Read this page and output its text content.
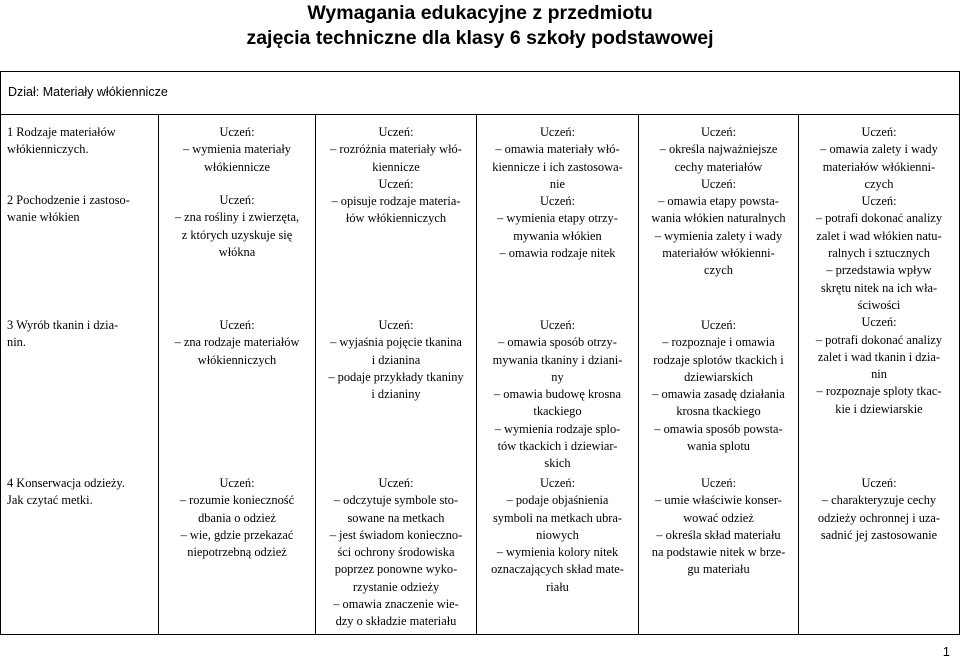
Wymagania edukacyjne z przedmiotu
zajęcia techniczne dla klasy 6 szkoły podstawowej
Dział: Materiały włókiennicze

1 Rodzaje materiałów

włókienniczych.

2 Pochodzenie i zastoso-

wanie włókien

3 Wyrób tkanin i dzia-

nin.

4 Konserwacja odzieży.

Jak czytać metki.

Uczeń:

– wymienia materiały

włókiennicze

Uczeń:

– zna rośliny i zwierzęta,

z których uzyskuje się

włókna

Uczeń:

– zna rodzaje materiałów

włókienniczych

Uczeń:

– rozumie konieczność

dbania o odzież

– wie, gdzie przekazać

niepotrzebną odzież

Uczeń:

– rozróżnia materiały włó-

kiennicze

Uczeń:

– opisuje rodzaje materia-

łów włókienniczych

Uczeń:

– wyjaśnia pojęcie tkanina

i dzianina

– podaje przykłady tkaniny

i dzianiny

Uczeń:

– odczytuje symbole sto-

sowane na metkach

– jest świadom konieczno-

ści ochrony środowiska

poprzez ponowne wyko-

rzystanie odzieży

– omawia znaczenie wie-

dzy o składzie materiału

Uczeń:

– omawia materiały włó-

kiennicze i ich zastosowa-

nie

Uczeń:

– wymienia etapy otrzy-

mywania włókien

– omawia rodzaje nitek

Uczeń:

– omawia sposób otrzy-

mywania tkaniny i dziani-

ny

– omawia budowę krosna

tkackiego

– wymienia rodzaje splo-

tów tkackich i dziewiar-

skich

Uczeń:

– podaje objaśnienia

symboli na metkach ubra-

niowych

– wymienia kolory nitek

oznaczających skład mate-

riału

Uczeń:

– określa najważniejsze

cechy materiałów

Uczeń:

– omawia etapy powsta-

wania włókien naturalnych

– wymienia zalety i wady

materiałów włókienni-

czych

Uczeń:

– rozpoznaje i omawia

rodzaje splotów tkackich i

dziewiarskich

– omawia zasadę działania

krosna tkackiego

– omawia sposób powsta-

wania splotu

Uczeń:

– umie właściwie konser-

wować odzież

– określa skład materiału

na podstawie nitek w brze-

gu materiału

Uczeń:

– omawia zalety i wady

materiałów włókienni-

czych

Uczeń:

– potrafi dokonać analizy

zalet i wad włókien natu-

ralnych i sztucznych

– przedstawia wpływ

skrętu nitek na ich wła-

ściwości

Uczeń:

– potrafi dokonać analizy

zalet i wad tkanin i dzia-

nin

– rozpoznaje sploty tkac-

kie i dziewiarskie

Uczeń:

– charakteryzuje cechy

odzieży ochronnej i uza-

sadnić jej zastosowanie

1
